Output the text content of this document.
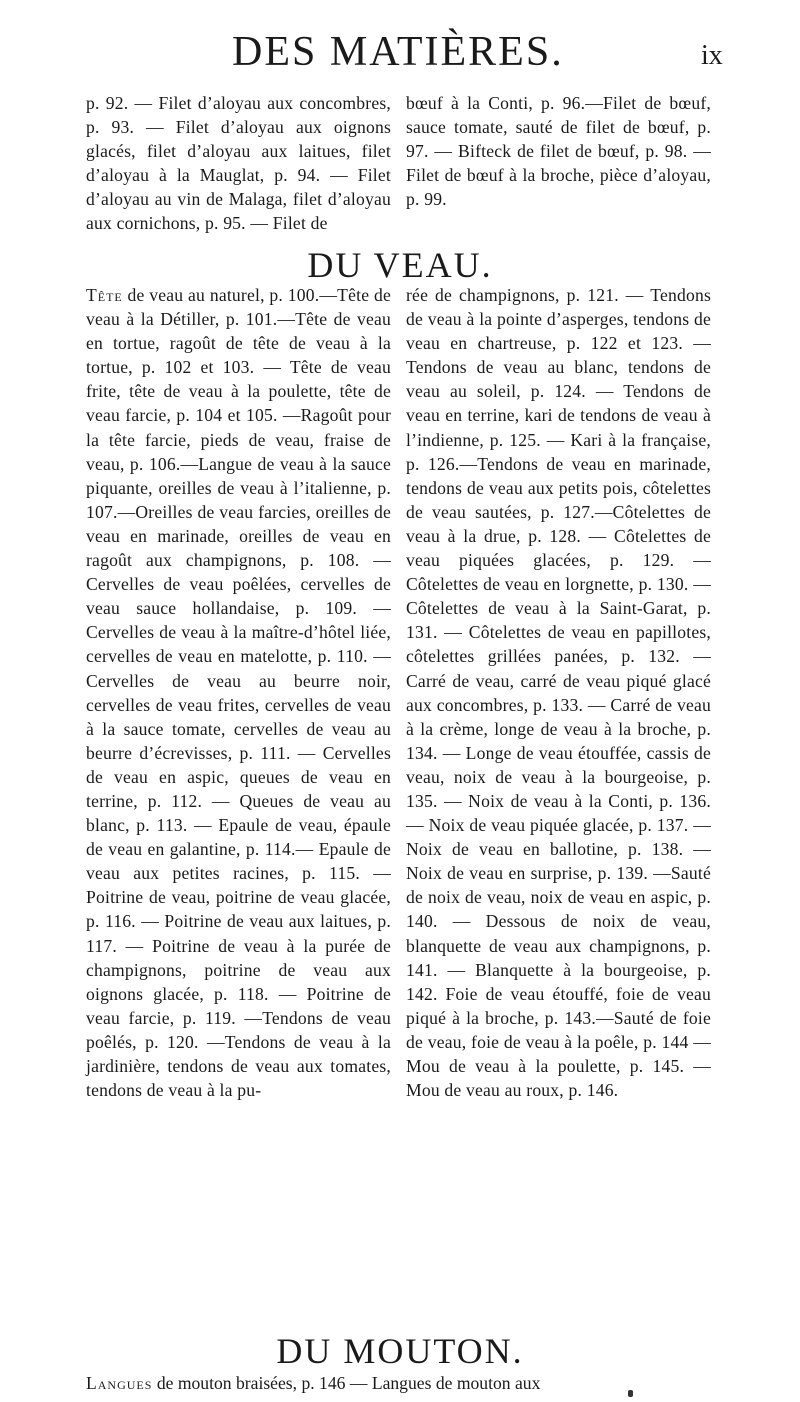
DES MATIÈRES.	ix

p. 92. — Filet d’aloyau aux concombres, p. 93. — Filet d’aloyau aux oignons glacés, filet d’aloyau aux laitues, filet d’aloyau à la Mauglat, p. 94. — Filet d’aloyau au vin de Malaga, filet d’aloyau aux cornichons, p. 95. — Filet de

bœuf à la Conti, p. 96.—Filet de bœuf, sauce tomate, sauté de filet de bœuf, p. 97. — Bifteck de filet de bœuf, p. 98. — Filet de bœuf à la broche, pièce d’aloyau, p. 99.

DU VEAU.

Tête de veau au naturel, p. 100.—Tête de veau à la Détiller, p. 101.—Tête de veau en tortue, ragoût de tête de veau à la tortue, p. 102 et 103. — Tête de veau frite, tête de veau à la poulette, tête de veau farcie, p. 104 et 105. —Ragoût pour la tête farcie, pieds de veau, fraise de veau, p. 106.—Langue de veau à la sauce piquante, oreilles de veau à l’italienne, p. 107.—Oreilles de veau farcies, oreilles de veau en marinade, oreilles de veau en ragoût aux champignons, p. 108. — Cervelles de veau poêlées, cervelles de veau sauce hollandaise, p. 109. — Cervelles de veau à la maître-d’hôtel liée, cervelles de veau en matelotte, p. 110. — Cervelles de veau au beurre noir, cervelles de veau frites, cervelles de veau à la sauce tomate, cervelles de veau au beurre d’écrevisses, p. 111. — Cervelles de veau en aspic, queues de veau en terrine, p. 112. — Queues de veau au blanc, p. 113. — Epaule de veau, épaule de veau en galantine, p. 114.— Epaule de veau aux petites racines, p. 115. —Poitrine de veau, poitrine de veau glacée, p. 116. — Poitrine de veau aux laitues, p. 117. — Poitrine de veau à la purée de champignons, poitrine de veau aux oignons glacée, p. 118. — Poitrine de veau farcie, p. 119. —Tendons de veau poêlés, p. 120. —Tendons de veau à la jardinière, tendons de veau aux tomates, tendons de veau à la pu-

rée de champignons, p. 121. — Tendons de veau à la pointe d’asperges, tendons de veau en chartreuse, p. 122 et 123. — Tendons de veau au blanc, tendons de veau au soleil, p. 124. — Tendons de veau en terrine, kari de tendons de veau à l’indienne, p. 125. — Kari à la française, p. 126.—Tendons de veau en marinade, tendons de veau aux petits pois, côtelettes de veau sautées, p. 127.—Côtelettes de veau à la drue, p. 128. — Côtelettes de veau piquées glacées, p. 129. — Côtelettes de veau en lorgnette, p. 130. — Côtelettes de veau à la Saint-Garat, p. 131. — Côtelettes de veau en papillotes, côtelettes grillées panées, p. 132. — Carré de veau, carré de veau piqué glacé aux concombres, p. 133. — Carré de veau à la crème, longe de veau à la broche, p. 134. — Longe de veau étouffée, cassis de veau, noix de veau à la bourgeoise, p. 135. — Noix de veau à la Conti, p. 136. — Noix de veau piquée glacée, p. 137. — Noix de veau en ballotine, p. 138. — Noix de veau en surprise, p. 139. —Sauté de noix de veau, noix de veau en aspic, p. 140. — Dessous de noix de veau, blanquette de veau aux champignons, p. 141. — Blanquette à la bourgeoise, p. 142. Foie de veau étouffé, foie de veau piqué à la broche, p. 143.—Sauté de foie de veau, foie de veau à la poêle, p. 144 —Mou de veau à la poulette, p. 145. — Mou de veau au roux, p. 146.

DU MOUTON.
Langues de mouton braisées, p. 146 — Langues de mouton aux
